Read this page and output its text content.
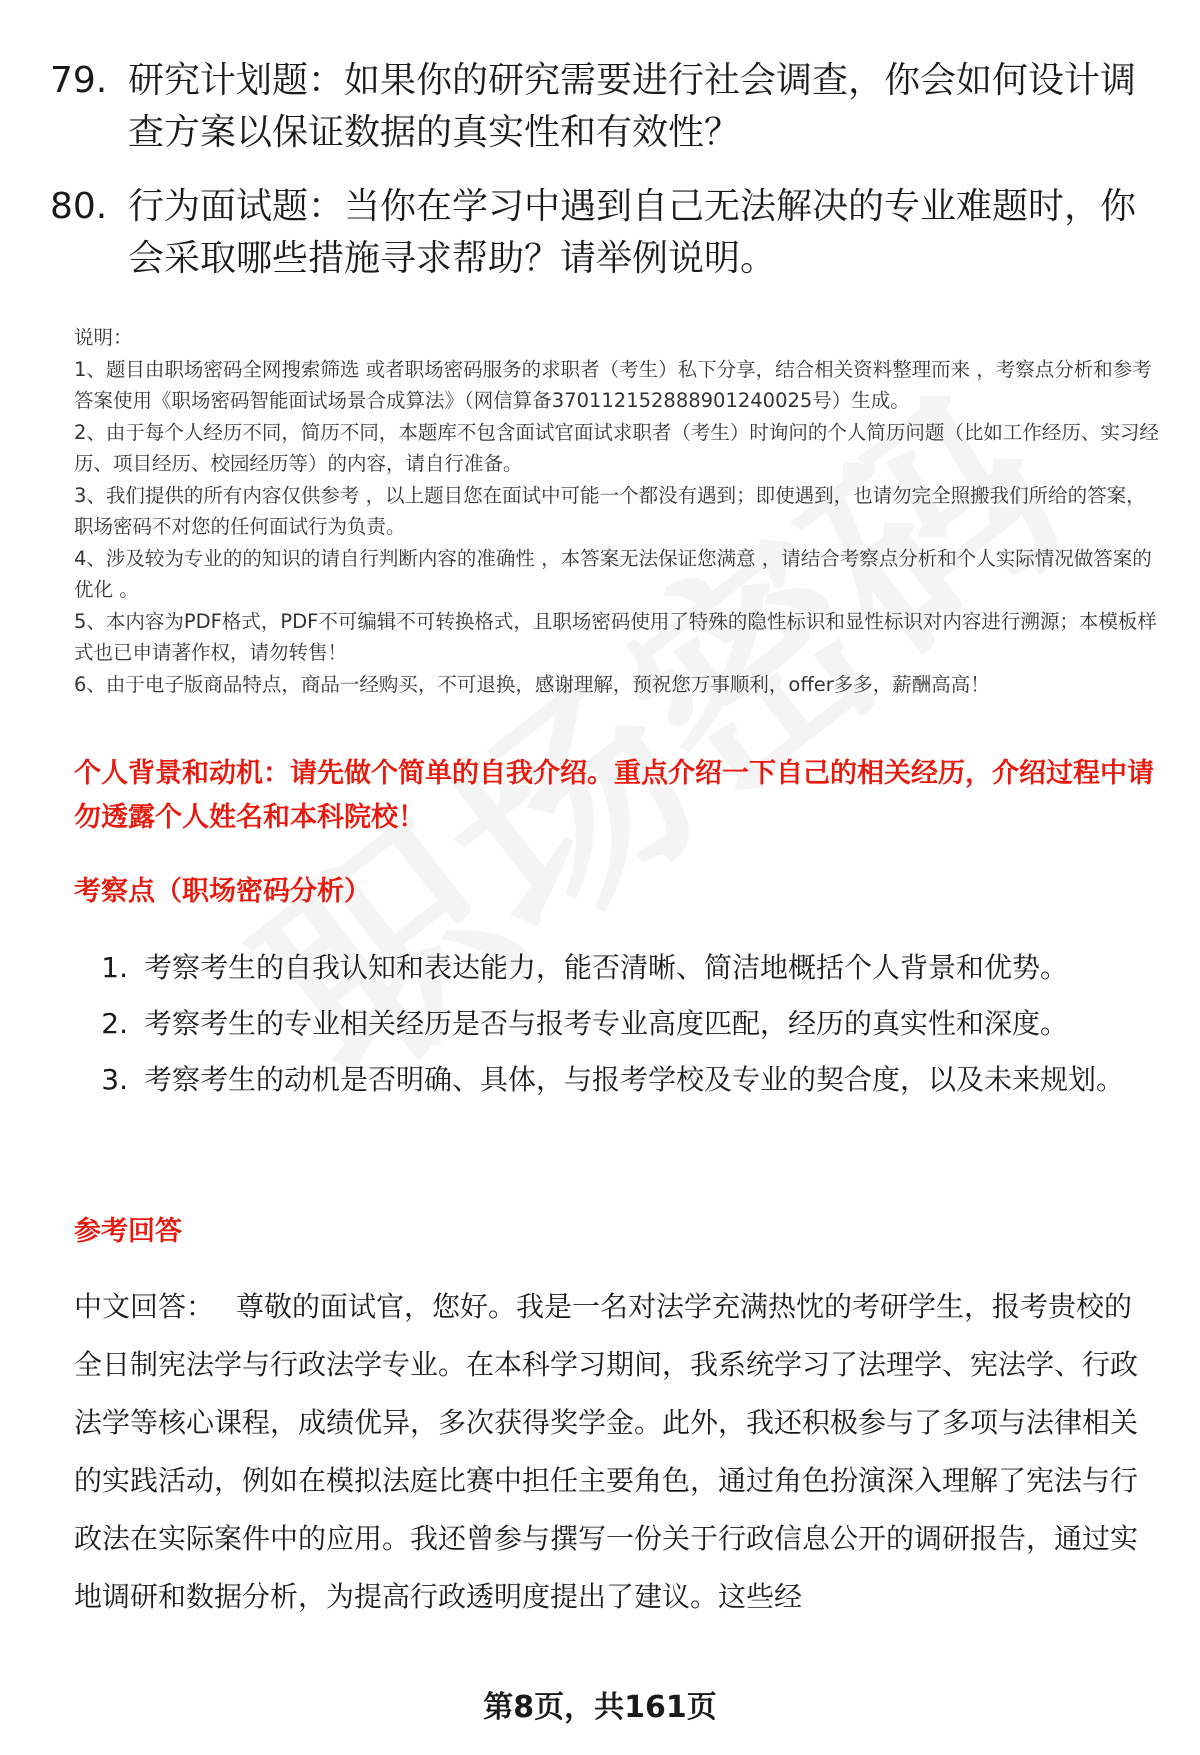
79. 研究计划题：如果你的研究需要进行社会调查，你会如何设计调查方案以保证数据的真实性和有效性？
80. 行为面试题：当你在学习中遇到自己无法解决的专业难题时，你会采取哪些措施寻求帮助？请举例说明。

说明：

1、题目由职场密码全网搜索筛选 或者职场密码服务的求职者（考生）私下分享，结合相关资料整理而来 ，考察点分析和参考答案使用《职场密码智能面试场景合成算法》（网信算备370112152888901240025号）生成。

2、由于每个人经历不同，简历不同，本题库不包含面试官面试求职者（考生）时询问的个人简历问题（比如工作经历、实习经历、项目经历、校园经历等）的内容，请自行准备。

3、我们提供的所有内容仅供参考 ，以上题目您在面试中可能一个都没有遇到；即使遇到，也请勿完全照搬我们所给的答案，职场密码不对您的任何面试行为负责。

4、涉及较为专业的的知识的请自行判断内容的准确性 ，本答案无法保证您满意 ，请结合考察点分析和个人实际情况做答案的优化 。

5、本内容为PDF格式，PDF不可编辑不可转换格式，且职场密码使用了特殊的隐性标识和显性标识对内容进行溯源；本模板样式也已申请著作权，请勿转售！

6、由于电子版商品特点，商品一经购买，不可退换，感谢理解，预祝您万事顺利，offer多多，薪酬高高！

个人背景和动机：请先做个简单的自我介绍。重点介绍一下自己的相关经历，介绍过程中请勿透露个人姓名和本科院校！
考察点（职场密码分析）
1. 考察考生的自我认知和表达能力，能否清晰、简洁地概括个人背景和优势。
2. 考察考生的专业相关经历是否与报考专业高度匹配，经历的真实性和深度。
3. 考察考生的动机是否明确、具体，与报考学校及专业的契合度，以及未来规划。
参考回答

中文回答： 尊敬的面试官，您好。我是一名对法学充满热忱的考研学生，报考贵校的全日制宪法学与行政法学专业。在本科学习期间，我系统学习了法理学、宪法学、行政法学等核心课程，成绩优异，多次获得奖学金。此外，我还积极参与了多项与法律相关的实践活动，例如在模拟法庭比赛中担任主要角色，通过角色扮演深入理解了宪法与行政法在实际案件中的应用。我还曾参与撰写一份关于行政信息公开的调研报告，通过实地调研和数据分析，为提高行政透明度提出了建议。这些经

第8页，共161页
